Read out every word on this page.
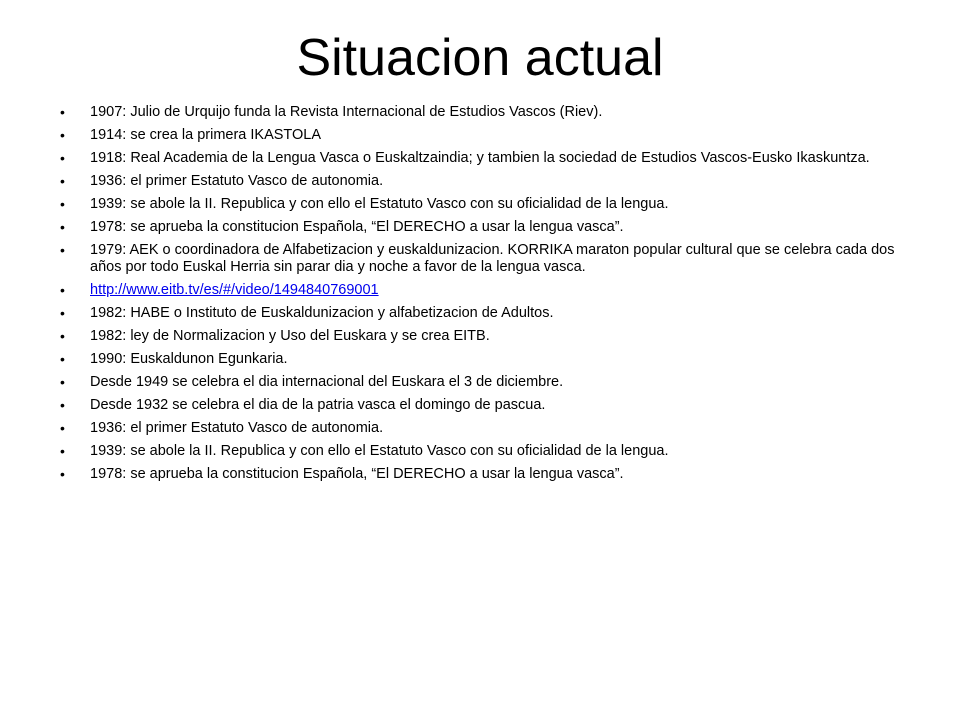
Situacion actual
•	1907: Julio de Urquijo funda la Revista Internacional de Estudios Vascos (Riev).
•	1914: se crea la primera IKASTOLA
•	1918: Real Academia de la Lengua Vasca o Euskaltzaindia; y tambien la sociedad de Estudios Vascos-Eusko Ikaskuntza.
•	1936: el primer Estatuto Vasco de autonomia.
•	1939: se abole la II. Republica y con ello el Estatuto Vasco con su oficialidad de la lengua.
•	1978: se aprueba la constitucion Española, “El DERECHO a usar la lengua vasca”.
•	1979: AEK o coordinadora de Alfabetizacion y euskaldunizacion. KORRIKA maraton popular cultural que se celebra cada dos años por todo Euskal Herria sin parar dia y noche a favor de la lengua vasca.
•	http://www.eitb.tv/es/#/video/1494840769001
•	1982: HABE o Instituto de Euskaldunizacion y alfabetizacion de Adultos.
•	1982: ley de Normalizacion y Uso del Euskara y se crea EITB.
•	1990: Euskaldunon Egunkaria.
•	Desde 1949 se celebra el dia internacional del Euskara el 3 de diciembre.
•	Desde 1932 se celebra el dia de la patria vasca el domingo de pascua.
•	1936: el primer Estatuto Vasco de autonomia.
•	1939: se abole la II. Republica y con ello el Estatuto Vasco con su oficialidad de la lengua.
•	1978: se aprueba la constitucion Española, “El DERECHO a usar la lengua vasca”.
